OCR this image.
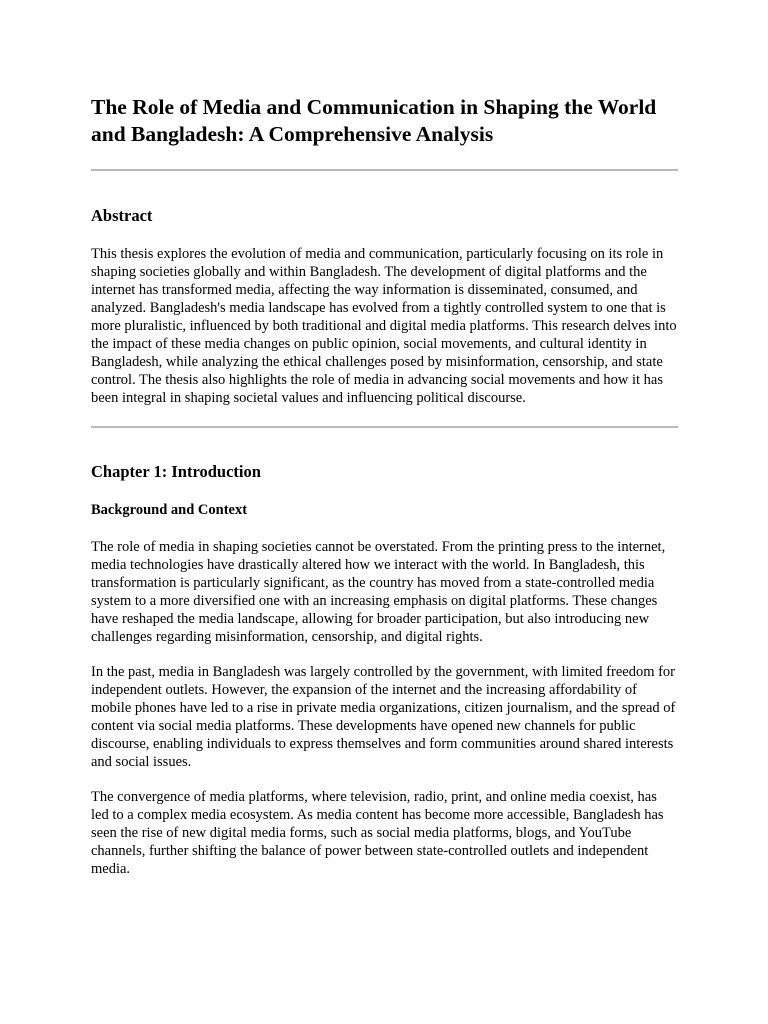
The Role of Media and Communication in Shaping the World and Bangladesh: A Comprehensive Analysis
Abstract

This thesis explores the evolution of media and communication, particularly focusing on its role in shaping societies globally and within Bangladesh. The development of digital platforms and the internet has transformed media, affecting the way information is disseminated, consumed, and analyzed. Bangladesh's media landscape has evolved from a tightly controlled system to one that is more pluralistic, influenced by both traditional and digital media platforms. This research delves into the impact of these media changes on public opinion, social movements, and cultural identity in Bangladesh, while analyzing the ethical challenges posed by misinformation, censorship, and state control. The thesis also highlights the role of media in advancing social movements and how it has been integral in shaping societal values and influencing political discourse.

Chapter 1: Introduction
Background and Context

The role of media in shaping societies cannot be overstated. From the printing press to the internet, media technologies have drastically altered how we interact with the world. In Bangladesh, this transformation is particularly significant, as the country has moved from a state-controlled media system to a more diversified one with an increasing emphasis on digital platforms. These changes have reshaped the media landscape, allowing for broader participation, but also introducing new challenges regarding misinformation, censorship, and digital rights.

In the past, media in Bangladesh was largely controlled by the government, with limited freedom for independent outlets. However, the expansion of the internet and the increasing affordability of mobile phones have led to a rise in private media organizations, citizen journalism, and the spread of content via social media platforms. These developments have opened new channels for public discourse, enabling individuals to express themselves and form communities around shared interests and social issues.

The convergence of media platforms, where television, radio, print, and online media coexist, has led to a complex media ecosystem. As media content has become more accessible, Bangladesh has seen the rise of new digital media forms, such as social media platforms, blogs, and YouTube channels, further shifting the balance of power between state-controlled outlets and independent media.
